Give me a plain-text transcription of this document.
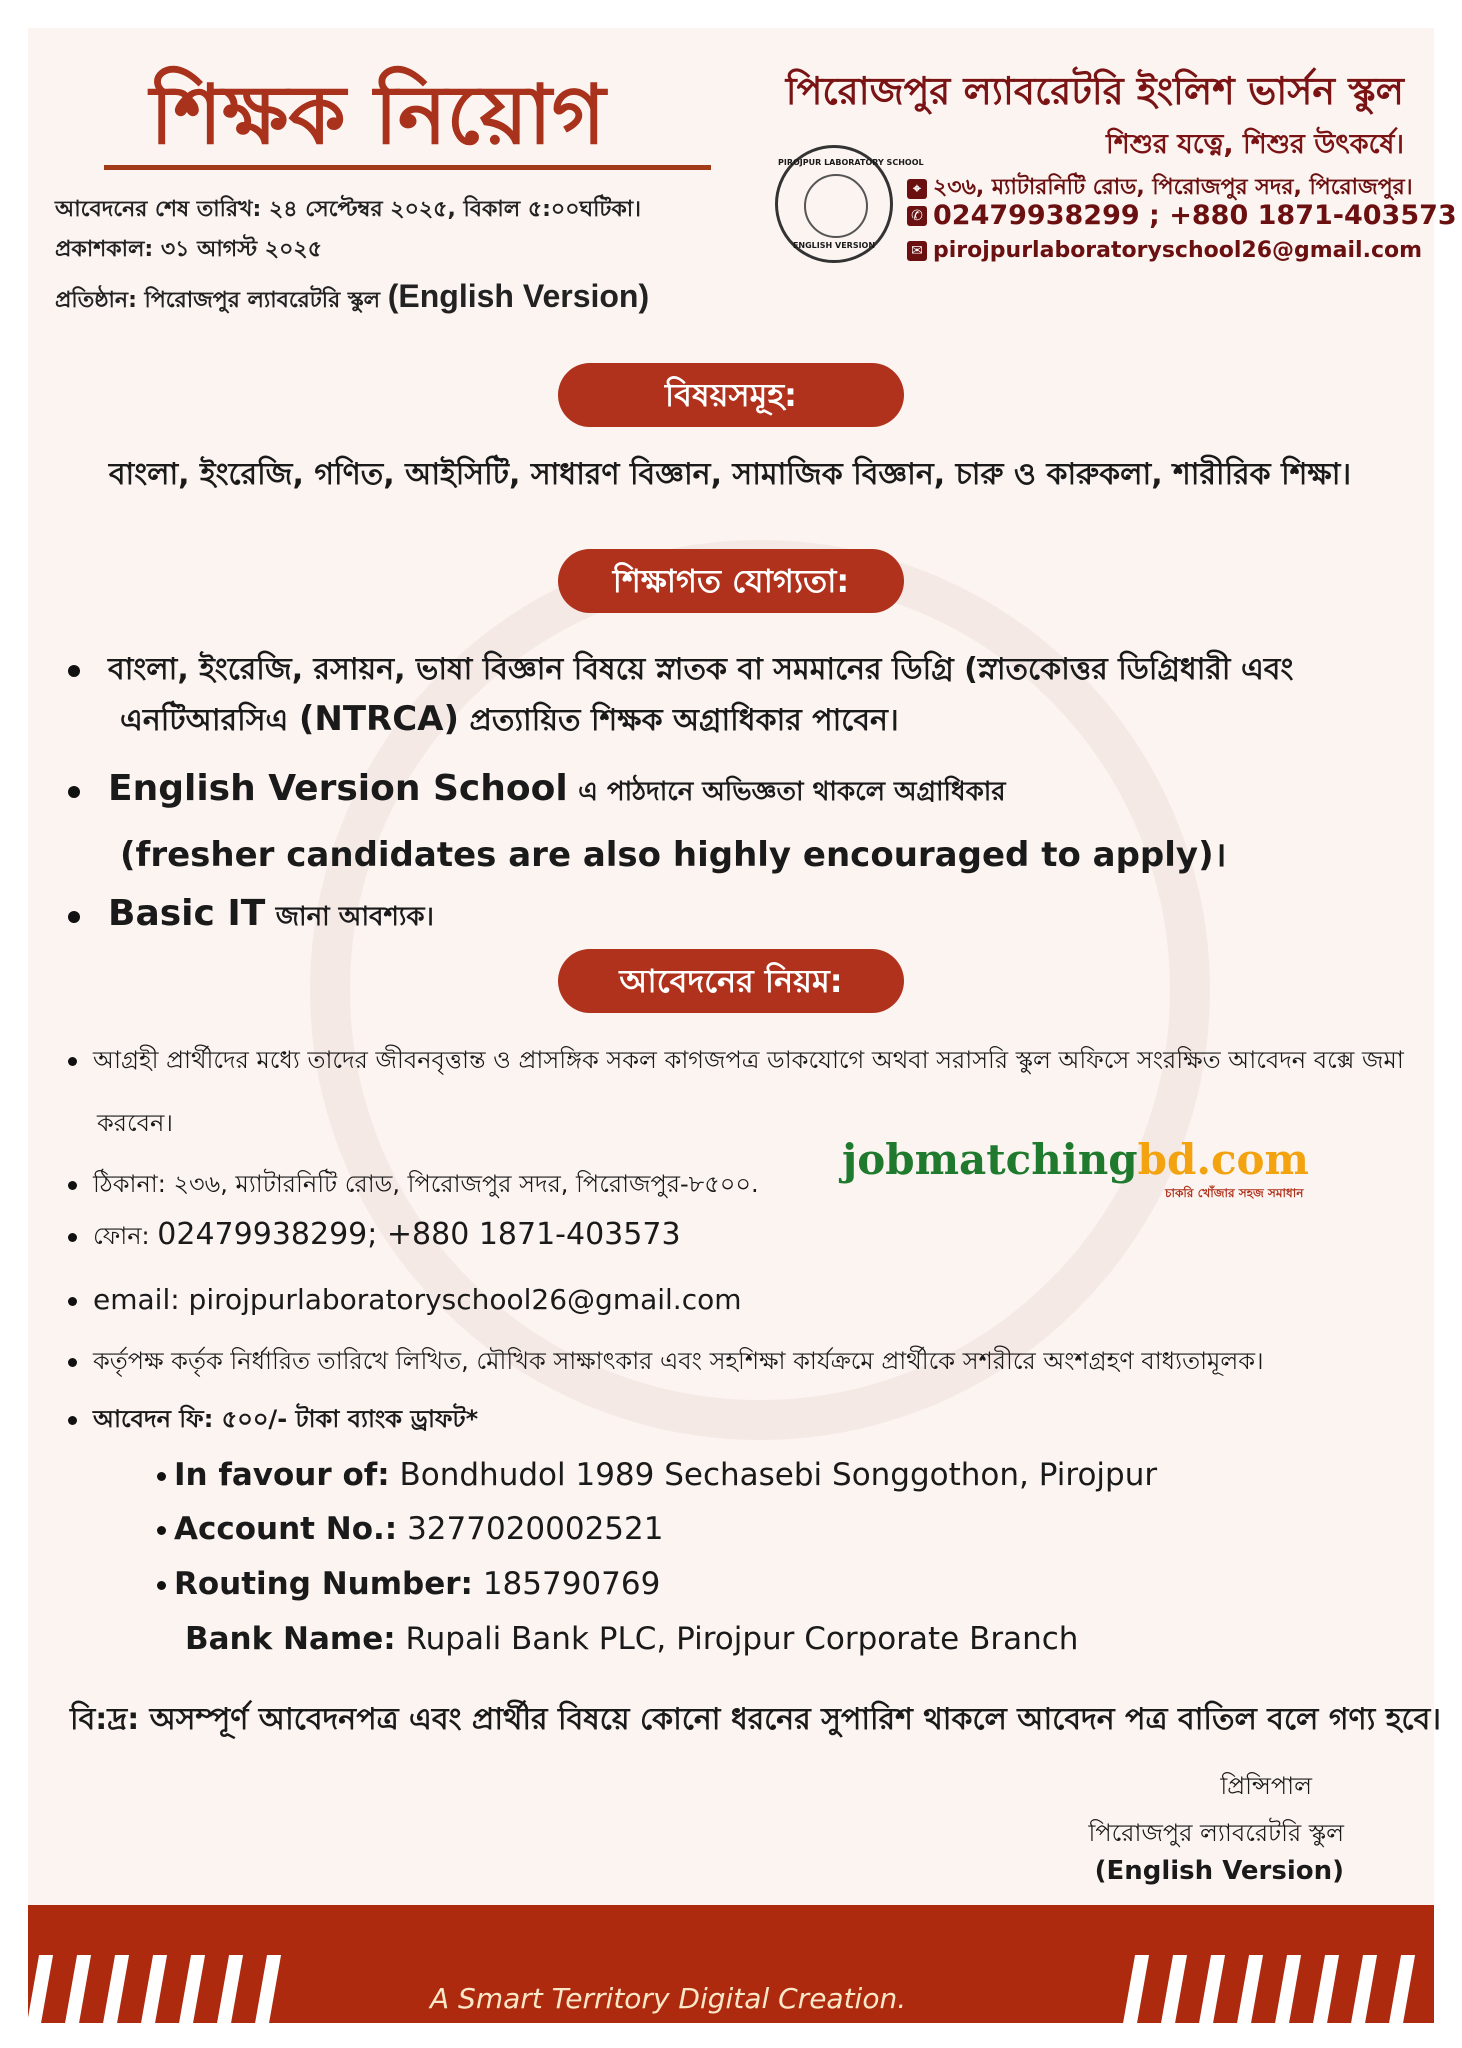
শিক্ষক নিয়োগ
আবেদনের শেষ তারিখ: ২৪ সেপ্টেম্বর ২০২৫, বিকাল ৫:০০ঘটিকা।
প্রকাশকাল: ৩১ আগস্ট ২০২৫
প্রতিষ্ঠান: পিরোজপুর ল্যাবরেটরি স্কুল (English Version)
পিরোজপুর ল্যাবরেটরি ইংলিশ ভার্সন স্কুল
শিশুর যত্নে, শিশুর উৎকর্ষে।
PIROJPUR LABORATORY SCHOOL
ENGLISH VERSION
⌖ ২৩৬, ম্যাটারনিটি রোড, পিরোজপুর সদর, পিরোজপুর।
✆ 02479938299 ; +880 1871-403573
✉ pirojpurlaboratoryschool26@gmail.com
বিষয়সমূহ:
বাংলা, ইংরেজি, গণিত, আইসিটি, সাধারণ বিজ্ঞান, সামাজিক বিজ্ঞান, চারু ও কারুকলা, শারীরিক শিক্ষা।
শিক্ষাগত যোগ্যতা:
বাংলা, ইংরেজি, রসায়ন, ভাষা বিজ্ঞান বিষয়ে স্নাতক বা সমমানের ডিগ্রি (স্নাতকোত্তর ডিগ্রিধারী এবং
এনটিআরসিএ (NTRCA) প্রত্যায়িত শিক্ষক অগ্রাধিকার পাবেন।
English Version School এ পাঠদানে অভিজ্ঞতা থাকলে অগ্রাধিকার
(fresher candidates are also highly encouraged to apply)।
Basic IT জানা আবশ্যক।
আবেদনের নিয়ম:
আগ্রহী প্রার্থীদের মধ্যে তাদের জীবনবৃত্তান্ত ও প্রাসঙ্গিক সকল কাগজপত্র ডাকযোগে অথবা সরাসরি স্কুল অফিসে সংরক্ষিত আবেদন বক্সে জমা
করবেন।
ঠিকানা: ২৩৬, ম্যাটারনিটি রোড, পিরোজপুর সদর, পিরোজপুর-৮৫০০.
ফোন: 02479938299; +880 1871-403573
email: pirojpurlaboratoryschool26@gmail.com
কর্তৃপক্ষ কর্তৃক নির্ধারিত তারিখে লিখিত, মৌখিক সাক্ষাৎকার এবং সহশিক্ষা কার্যক্রমে প্রার্থীকে সশরীরে অংশগ্রহণ বাধ্যতামূলক।
আবেদন ফি: ৫০০/- টাকা ব্যাংক ড্রাফট*
In favour of: Bondhudol 1989 Sechasebi Songgothon, Pirojpur
Account No.: 3277020002521
Routing Number: 185790769
Bank Name: Rupali Bank PLC, Pirojpur Corporate Branch
jobmatchingbd.com
চাকরি খোঁজার সহজ সমাধান
বি:দ্র: অসম্পূর্ণ আবেদনপত্র এবং প্রার্থীর বিষয়ে কোনো ধরনের সুপারিশ থাকলে আবেদন পত্র বাতিল বলে গণ্য হবে।
প্রিন্সিপাল
পিরোজপুর ল্যাবরেটরি স্কুল
(English Version)
A Smart Territory Digital Creation.
